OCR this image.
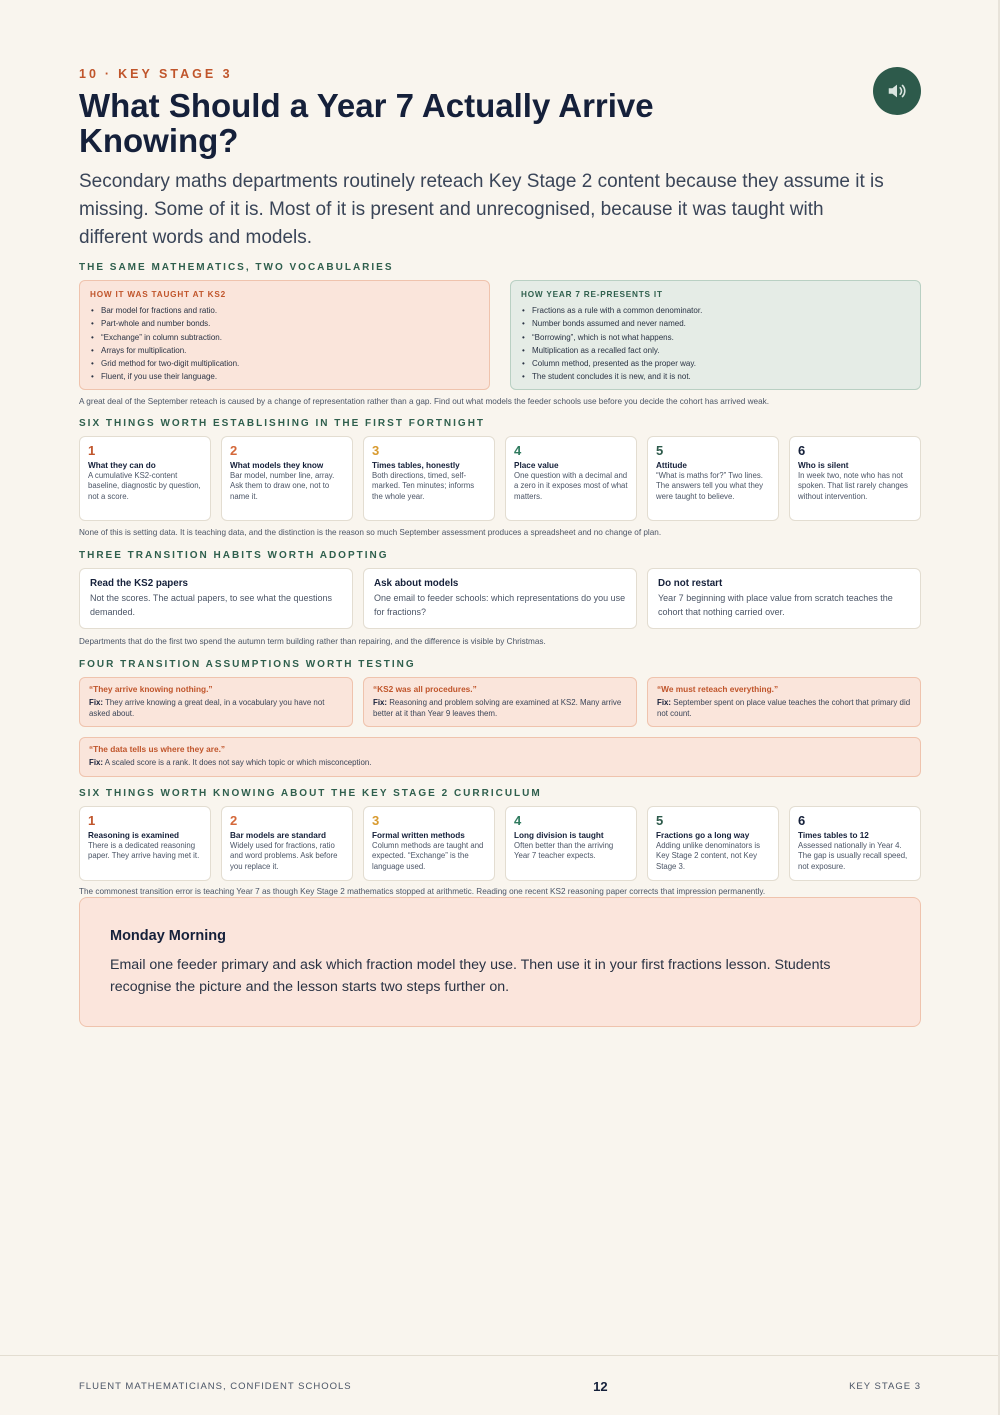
10 · KEY STAGE 3
What Should a Year 7 Actually Arrive Knowing?

Secondary maths departments routinely reteach Key Stage 2 content because they assume it is missing. Some of it is. Most of it is present and unrecognised, because it was taught with different words and models.

THE SAME MATHEMATICS, TWO VOCABULARIES
HOW IT WAS TAUGHT AT KS2
• Bar model for fractions and ratio.
• Part-whole and number bonds.
• “Exchange” in column subtraction.
• Arrays for multiplication.
• Grid method for two-digit multiplication.
• Fluent, if you use their language.
HOW YEAR 7 RE-PRESENTS IT
• Fractions as a rule with a common denominator.
• Number bonds assumed and never named.
• “Borrowing”, which is not what happens.
• Multiplication as a recalled fact only.
• Column method, presented as the proper way.
• The student concludes it is new, and it is not.

A great deal of the September reteach is caused by a change of representation rather than a gap. Find out what models the feeder schools use before you decide the cohort has arrived weak.

SIX THINGS WORTH ESTABLISHING IN THE FIRST FORTNIGHT
1
What they can do
A cumulative KS2-content baseline, diagnostic by question, not a score.
2
What models they know
Bar model, number line, array. Ask them to draw one, not to name it.
3
Times tables, honestly
Both directions, timed, self-marked. Ten minutes; informs the whole year.
4
Place value
One question with a decimal and a zero in it exposes most of what matters.
5
Attitude
“What is maths for?” Two lines. The answers tell you what they were taught to believe.
6
Who is silent
In week two, note who has not spoken. That list rarely changes without intervention.

None of this is setting data. It is teaching data, and the distinction is the reason so much September assessment produces a spreadsheet and no change of plan.

THREE TRANSITION HABITS WORTH ADOPTING
Read the KS2 papers
Not the scores. The actual papers, to see what the questions demanded.
Ask about models
One email to feeder schools: which representations do you use for fractions?
Do not restart
Year 7 beginning with place value from scratch teaches the cohort that nothing carried over.

Departments that do the first two spend the autumn term building rather than repairing, and the difference is visible by Christmas.

FOUR TRANSITION ASSUMPTIONS WORTH TESTING
“They arrive knowing nothing.”
Fix: They arrive knowing a great deal, in a vocabulary you have not asked about.
“KS2 was all procedures.”
Fix: Reasoning and problem solving are examined at KS2. Many arrive better at it than Year 9 leaves them.
“We must reteach everything.”
Fix: September spent on place value teaches the cohort that primary did not count.
“The data tells us where they are.”
Fix: A scaled score is a rank. It does not say which topic or which misconception.
SIX THINGS WORTH KNOWING ABOUT THE KEY STAGE 2 CURRICULUM
1
Reasoning is examined
There is a dedicated reasoning paper. They arrive having met it.
2
Bar models are standard
Widely used for fractions, ratio and word problems. Ask before you replace it.
3
Formal written methods
Column methods are taught and expected. “Exchange” is the language used.
4
Long division is taught
Often better than the arriving Year 7 teacher expects.
5
Fractions go a long way
Adding unlike denominators is Key Stage 2 content, not Key Stage 3.
6
Times tables to 12
Assessed nationally in Year 4. The gap is usually recall speed, not exposure.

The commonest transition error is teaching Year 7 as though Key Stage 2 mathematics stopped at arithmetic. Reading one recent KS2 reasoning paper corrects that impression permanently.

Monday Morning
Email one feeder primary and ask which fraction model they use. Then use it in your first fractions lesson. Students recognise the picture and the lesson starts two steps further on.
FLUENT MATHEMATICIANS, CONFIDENT SCHOOLS	12	KEY STAGE 3
